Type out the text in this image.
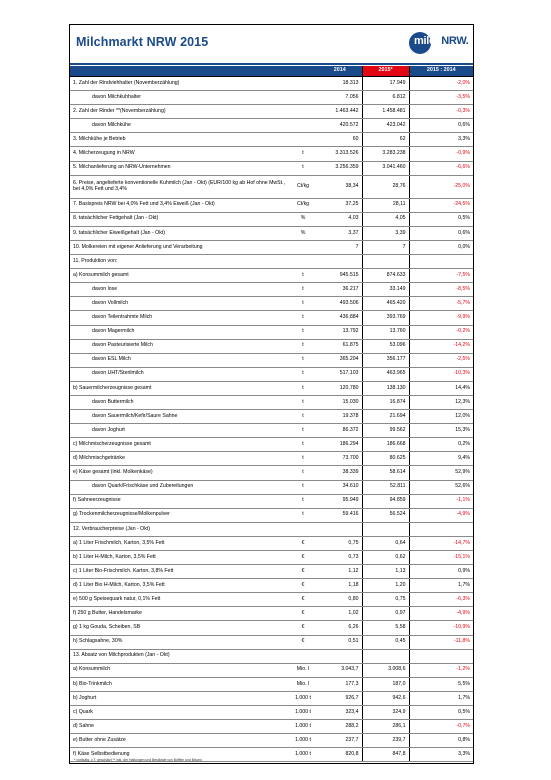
Milchmarkt NRW 2015	milchNRW.
		2014	2015*	2015 : 2014
1. Zahl der Rindviehhalter (Novemberzählung)		18.313	17.949	-2,0%
davon Milchkuhhalter		7.056	6.812	-3,5%
2. Zahl der Rinder **(Novemberzählung)		1.463.442	1.458.481	-0,3%
davon Milchkühe		420.572	423.042	0,6%
3. Milchkühe je Betrieb		60	62	3,3%
4. Milcherzeugung in NRW	t	3.313.526	3.283.238	-0,9%
5. Milchanlieferung an NRW-Unternehmen	t	3.256.359	3.041.460	-6,6%
6. Preise, angelieferte konventionelle Kuhmilch (Jan - Okt) (EUR/100 kg ab Hof ohne MwSt., bei 4,0% Fett und 3,4%	Ct/kg	38,34	28,76	-25,0%
7. Basispreis NRW bei 4,0% Fett und 3,4% Eiweiß (Jan - Okt)	Ct/kg	37,25	28,11	-24,5%
8. tatsächlicher Fettgehalt (Jan - Okt)	%	4,03	4,05	0,5%
9. tatsächlicher Eiweißgehalt (Jan - Okt)	%	3,37	3,39	0,6%
10. Molkereien mit eigener Anlieferung und Verarbeitung		7	7	0,0%
11. Produktion von:				
a) Konsummilch gesamt	t	945.515	874.633	-7,5%
davon lose	t	36.217	33.149	-8,5%
davon Vollmilch	t	493.506	465.420	-5,7%
davon Teilentrahmte Milch	t	436.884	393.769	-9,9%
davon Magermilch	t	13.792	13.760	-0,2%
davon Pasteurisierte Milch	t	61.875	53.096	-14,2%
davon ESL Milch	t	365.204	356.177	-2,5%
davon UHT/Sterilmilch	t	517.103	463.965	-10,3%
b) Sauermilcherzeugnisse gesamt	t	120.780	138.130	14,4%
davon Buttermilch	t	15.030	16.874	12,3%
davon Sauermilch/Kefir/Saure Sahne	t	19.378	21.694	12,0%
davon Joghurt	t	86.372	99.562	15,3%
c) Milchmischerzeugnisse gesamt	t	186.294	186.668	0,2%
d) Milchmischgetränke	t	73.700	80.625	9,4%
e) Käse gesamt (inkl. Molkenkäse)	t	38.339	58.614	52,9%
davon Quark/Frischkäse und Zubereitungen	t	34.610	52.811	52,6%
f) Sahneerzeugnisse	t	95.949	94.859	-1,1%
g) Trockenmilcherzeugnisse/Molkenpulver	t	59.416	56.524	-4,9%
12. Verbraucherpreise (Jan - Okt)				
a) 1 Liter Frischmilch, Karton, 3,5% Fett	€	0,75	0,64	-14,7%
b) 1 Liter H-Milch, Karton, 3,5% Fett	€	0,73	0,62	-15,1%
c) 1 Liter Bio-Frischmilch. Karton, 3,8% Fett	€	1,12	1,13	0,9%
d) 1 Liter Bio H-Milch, Karton, 3,5% Fett	€	1,18	1,20	1,7%
e) 500 g Speisequark natur, 0,1% Fett	€	0,80	0,75	-6,3%
f) 250 g Butter, Handelsmarke	€	1,02	0,97	-4,9%
g) 1 kg Gouda, Scheiben, SB	€	6,26	5,58	-10,9%
h) Schlagsahne, 30%	€	0,51	0,45	-11,8%
13. Absatz von Milchprodukten (Jan - Okt)				
a) Konsummilch	Mio. l	3.043,7	3.008,6	-1,2%
b) Bio-Trinkmilch	Mio. l	177,3	187,0	5,5%
b) Joghurt	1.000 t	926,7	942,6	1,7%
c) Quark	1.000 t	323,4	324,9	0,5%
d) Sahne	1.000 t	288,2	286,1	-0,7%
e) Butter ohne Zusätze	1.000 t	237,7	239,7	0,8%
f) Käse Selbstbedienung	1.000 t	820,8	847,8	3,3%
* vorläufig, z.T. geschätzt ** inkl. der Haltungen und Bestände von Büffeln und Bisons
